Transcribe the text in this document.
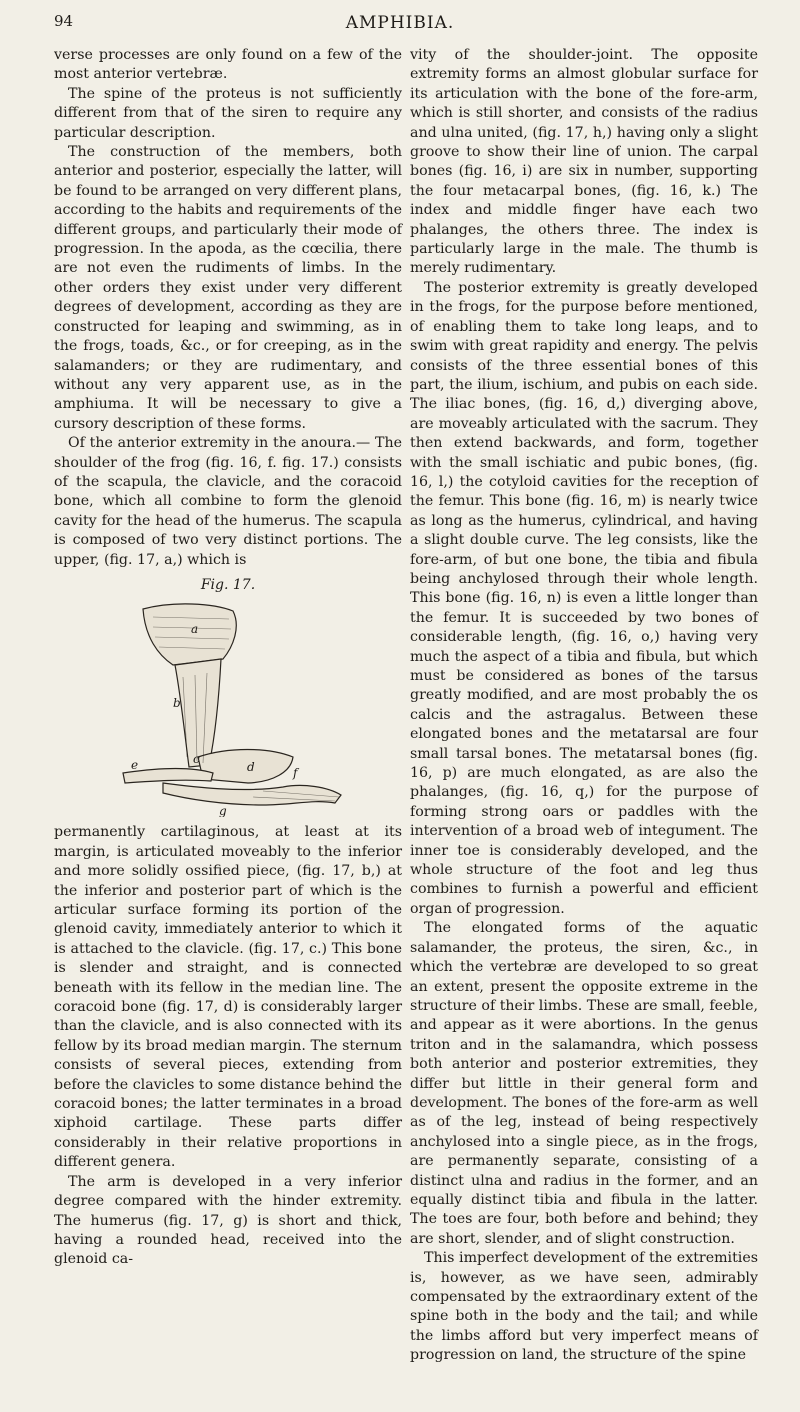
94	AMPHIBIA.

verse processes are only found on a few of the most anterior vertebræ.

The spine of the proteus is not sufficiently different from that of the siren to require any particular description.

The construction of the members, both anterior and posterior, especially the latter, will be found to be arranged on very different plans, according to the habits and requirements of the different groups, and particularly their mode of progression. In the apoda, as the cœcilia, there are not even the rudiments of limbs. In the other orders they exist under very different degrees of development, according as they are constructed for leaping and swimming, as in the frogs, toads, &c., or for creeping, as in the salamanders; or they are rudimentary, and without any very apparent use, as in the amphiuma. It will be necessary to give a cursory description of these forms.

Of the anterior extremity in the anoura.— The shoulder of the frog (fig. 16, f. fig. 17.) consists of the scapula, the clavicle, and the coracoid bone, which all combine to form the glenoid cavity for the head of the humerus. The scapula is composed of two very distinct portions. The upper, (fig. 17, a,) which is

Fig. 17.
a
b
c
d
e
f
g

permanently cartilaginous, at least at its margin, is articulated moveably to the inferior and more solidly ossified piece, (fig. 17, b,) at the inferior and posterior part of which is the articular surface forming its portion of the glenoid cavity, immediately anterior to which it is attached to the clavicle. (fig. 17, c.) This bone is slender and straight, and is connected beneath with its fellow in the median line. The coracoid bone (fig. 17, d) is considerably larger than the clavicle, and is also connected with its fellow by its broad median margin. The sternum consists of several pieces, extending from before the clavicles to some distance behind the coracoid bones; the latter terminates in a broad xiphoid cartilage. These parts differ considerably in their relative proportions in different genera.

The arm is developed in a very inferior degree compared with the hinder extremity. The humerus (fig. 17, g) is short and thick, having a rounded head, received into the glenoid ca-

vity of the shoulder-joint. The opposite extremity forms an almost globular surface for its articulation with the bone of the fore-arm, which is still shorter, and consists of the radius and ulna united, (fig. 17, h,) having only a slight groove to show their line of union. The carpal bones (fig. 16, i) are six in number, supporting the four metacarpal bones, (fig. 16, k.) The index and middle finger have each two phalanges, the others three. The index is particularly large in the male. The thumb is merely rudimentary.

The posterior extremity is greatly developed in the frogs, for the purpose before mentioned, of enabling them to take long leaps, and to swim with great rapidity and energy. The pelvis consists of the three essential bones of this part, the ilium, ischium, and pubis on each side. The iliac bones, (fig. 16, d,) diverging above, are moveably articulated with the sacrum. They then extend backwards, and form, together with the small ischiatic and pubic bones, (fig. 16, l,) the cotyloid cavities for the reception of the femur. This bone (fig. 16, m) is nearly twice as long as the humerus, cylindrical, and having a slight double curve. The leg consists, like the fore-arm, of but one bone, the tibia and fibula being anchylosed through their whole length. This bone (fig. 16, n) is even a little longer than the femur. It is succeeded by two bones of considerable length, (fig. 16, o,) having very much the aspect of a tibia and fibula, but which must be considered as bones of the tarsus greatly modified, and are most probably the os calcis and the astragalus. Between these elongated bones and the metatarsal are four small tarsal bones. The metatarsal bones (fig. 16, p) are much elongated, as are also the phalanges, (fig. 16, q,) for the purpose of forming strong oars or paddles with the intervention of a broad web of integument. The inner toe is considerably developed, and the whole structure of the foot and leg thus combines to furnish a powerful and efficient organ of progression.

The elongated forms of the aquatic salamander, the proteus, the siren, &c., in which the vertebræ are developed to so great an extent, present the opposite extreme in the structure of their limbs. These are small, feeble, and appear as it were abortions. In the genus triton and in the salamandra, which possess both anterior and posterior extremities, they differ but little in their general form and development. The bones of the fore-arm as well as of the leg, instead of being respectively anchylosed into a single piece, as in the frogs, are permanently separate, consisting of a distinct ulna and radius in the former, and an equally distinct tibia and fibula in the latter. The toes are four, both before and behind; they are short, slender, and of slight construction.

This imperfect development of the extremities is, however, as we have seen, admirably compensated by the extraordinary extent of the spine both in the body and the tail; and while the limbs afford but very imperfect means of progression on land, the structure of the spine
